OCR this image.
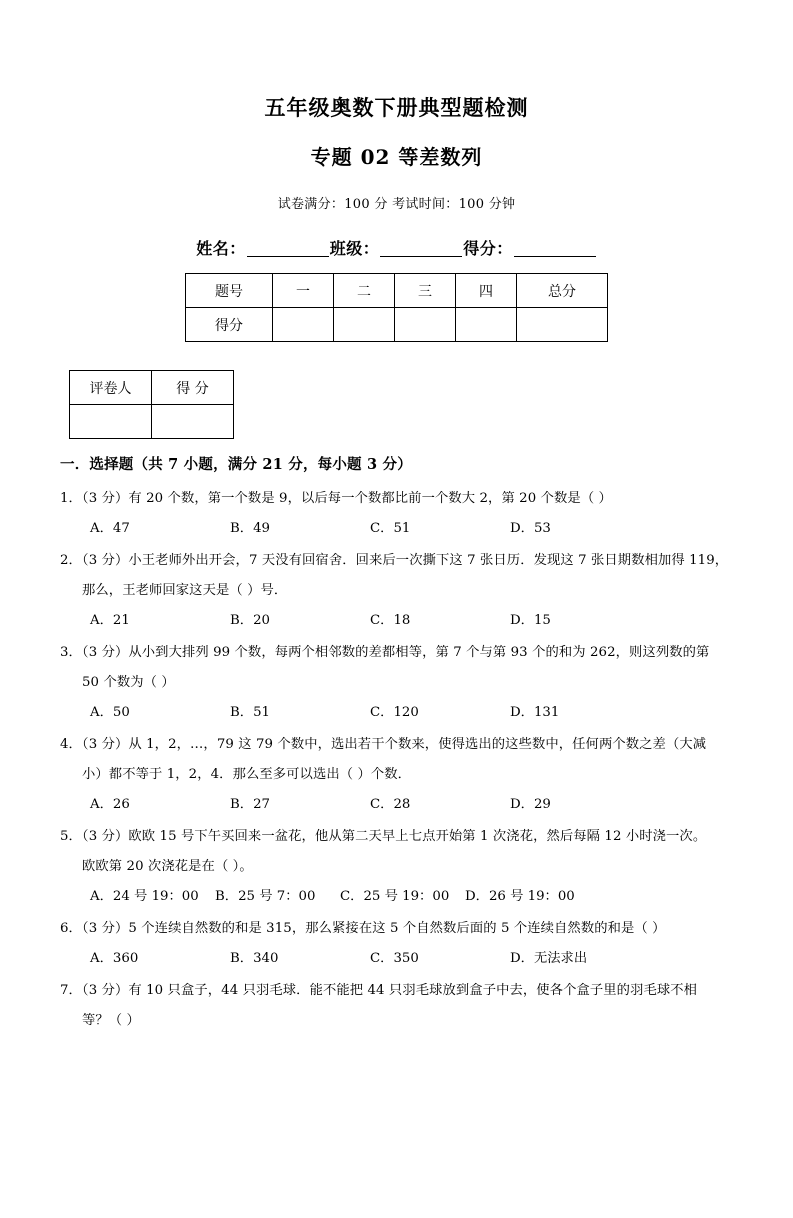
五年级奥数下册典型题检测
专题 02 等差数列
试卷满分：100 分 考试时间：100 分钟
姓名：	班级：	得分：
题号	一	二	三	四	总分
得分					
评卷人	得 分

一．选择题（共 7 小题，满分 21 分，每小题 3 分）
1．（3 分）有 20 个数，第一个数是 9，以后每一个数都比前一个数大 2，第 20 个数是（ ）
A．47	B．49	C．51	D．53
2．（3 分）小王老师外出开会，7 天没有回宿舍．回来后一次撕下这 7 张日历．发现这 7 张日期数相加得 119，
那么，王老师回家这天是（ ）号．
A．21	B．20	C．18	D．15
3．（3 分）从小到大排列 99 个数，每两个相邻数的差都相等，第 7 个与第 93 个的和为 262，则这列数的第
50 个数为（ ）
A．50	B．51	C．120	D．131
4．（3 分）从 1，2，…，79 这 79 个数中，选出若干个数来，使得选出的这些数中，任何两个数之差（大减
小）都不等于 1，2，4．那么至多可以选出（ ）个数．
A．26	B．27	C．28	D．29
5．（3 分）欧欧 15 号下午买回来一盆花，他从第二天早上七点开始第 1 次浇花，然后每隔 12 小时浇一次。
欧欧第 20 次浇花是在（ ）。
A．24 号 19：00	B．25 号 7：00	C．25 号 19：00	D．26 号 19：00
6．（3 分）5 个连续自然数的和是 315，那么紧接在这 5 个自然数后面的 5 个连续自然数的和是（ ）
A．360	B．340	C．350	D．无法求出
7．（3 分）有 10 只盒子，44 只羽毛球．能不能把 44 只羽毛球放到盒子中去，使各个盒子里的羽毛球不相
等？（ ）
